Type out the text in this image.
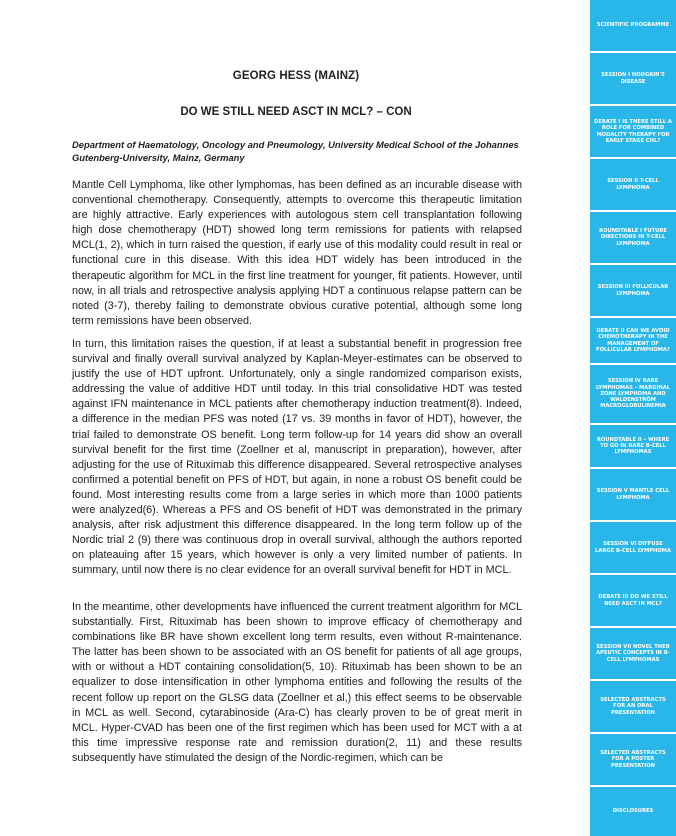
GEORG HESS (MAINZ)
DO WE STILL NEED ASCT IN MCL? – CON
Department of Haematology, Oncology and Pneumology, University Medical School of the Johannes Gutenberg-University, Mainz, Germany

Mantle Cell Lymphoma, like other lymphomas, has been defined as an incurable disease with conventional chemotherapy. Consequently, attempts to overcome this therapeutic limitation are highly attractive. Early experiences with autologous stem cell transplantation following high dose chemotherapy (HDT) showed long term remissions for patients with relapsed MCL(1, 2), which in turn raised the question, if early use of this modality could result in real or functional cure in this disease. With this idea HDT widely has been introduced in the therapeutic algorithm for MCL in the first line treatment for younger, fit patients. However, until now, in all trials and retrospective analysis applying HDT a continuous relapse pattern can be noted (3-7), thereby failing to demonstrate obvious curative potential, although some long term remissions have been observed.

In turn, this limitation raises the question, if at least a substantial benefit in progression free survival and finally overall survival analyzed by Kaplan-Meyer-estimates can be observed to justify the use of HDT upfront. Unfortunately, only a single randomized comparison exists, addressing the value of additive HDT until today. In this trial consolidative HDT was tested against IFN maintenance in MCL patients after chemotherapy induction treatment(8). Indeed, a difference in the median PFS was noted (17 vs. 39 months in favor of HDT), however, the trial failed to demonstrate OS benefit. Long term follow-up for 14 years did show an overall survival benefit for the first time (Zoellner et al, manuscript in preparation), however, after adjusting for the use of Rituximab this difference disappeared. Several retrospective analyses confirmed a potential benefit on PFS of HDT, but again, in none a robust OS benefit could be found. Most interesting results come from a large series in which more than 1000 patients were analyzed(6). Whereas a PFS and OS benefit of HDT was demonstrated in the primary analysis, after risk adjustment this difference disappeared. In the long term follow up of the Nordic trial 2 (9) there was continuous drop in overall survival, although the authors reported on plateauing after 15 years, which however is only a very limited number of patients. In summary, until now there is no clear evidence for an overall survival benefit for HDT in MCL.

In the meantime, other developments have influenced the current treatment algorithm for MCL substantially. First, Rituximab has been shown to improve efficacy of chemotherapy and combinations like BR have shown excellent long term results, even without R-maintenance. The latter has been shown to be associated with an OS benefit for patients of all age groups, with or without a HDT containing consolidation(5, 10). Rituximab has been shown to be an equalizer to dose intensification in other lymphoma entities and following the results of the recent follow up report on the GLSG data (Zoellner et al,) this effect seems to be observable in MCL as well. Second, cytarabinoside (Ara-C) has clearly proven to be of great merit in MCL. Hyper-CVAD has been one of the first regimen which has been used for MCT with a at this time impressive response rate and remission duration(2, 11) and these results subsequently have stimulated the design of the Nordic-regimen, which can be

SCIENTIFIC PROGRAMME
SESSION I HODGKIN'S DISEASE
DEBATE I IS THERE STILL A ROLE FOR COMBINED MODALITY THERAPY FOR EARLY STAGE CHL?
SESSION II T-CELL LYMPHOMA
ROUNDTABLE I FUTURE DIRECTIONS IN T-CELL LYMPHOMA
SESSION III FOLLICULAR LYMPHOMA
DEBATE II CAN WE AVOID CHEMOTHERAPY IN THE MANAGEMENT OF FOLLICULAR LYMPHOMA?
SESSION IV RARE LYMPHOMAS – MARGINAL ZONE LYMPHOMA AND WALDENSTRÖM MACROGLOBULINEMIA
ROUNDTABLE II – WHERE TO GO IN RARE B-CELL LYMPHOMAS
SESSION V MANTLE CELL LYMPHOMA
SESSION VI DIFFUSE LARGE B-CELL LYMPHOMA
DEBATE III DO WE STILL NEED ASCT IN MCL?
SESSION VII NOVEL THER APEUTIC CONCEPTS IN B-CELL LYMPHOMAS
SELECTED ABSTRACTS FOR AN ORAL PRESENTATION
SELECTED ABSTRACTS FOR A POSTER PRESENTATION
DISCLOSURES
